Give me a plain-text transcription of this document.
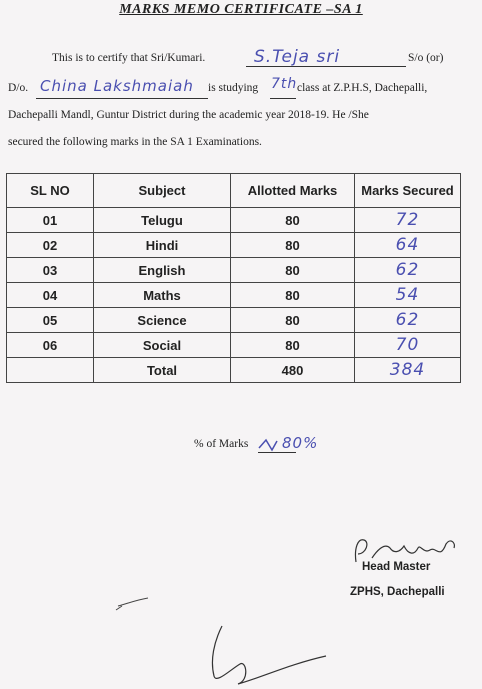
MARKS MEMO CERTIFICATE –SA 1
This is to certify that Sri/Kumari.	S.Teja sri	S/o (or)
D/o. China Lakshmaiah is studying 7th class at Z.P.H.S, Dachepalli,
Dachepalli Mandl, Guntur District during the academic year 2018-19. He /She
secured the following marks in the SA 1 Examinations.
SL NO	Subject	Allotted Marks	Marks Secured
01	Telugu	80	72
02	Hindi	80	64
03	English	80	62
04	Maths	80	54
05	Science	80	62
06	Social	80	70
	Total	480	384
% of Marks 80%
Head Master
ZPHS, Dachepalli
